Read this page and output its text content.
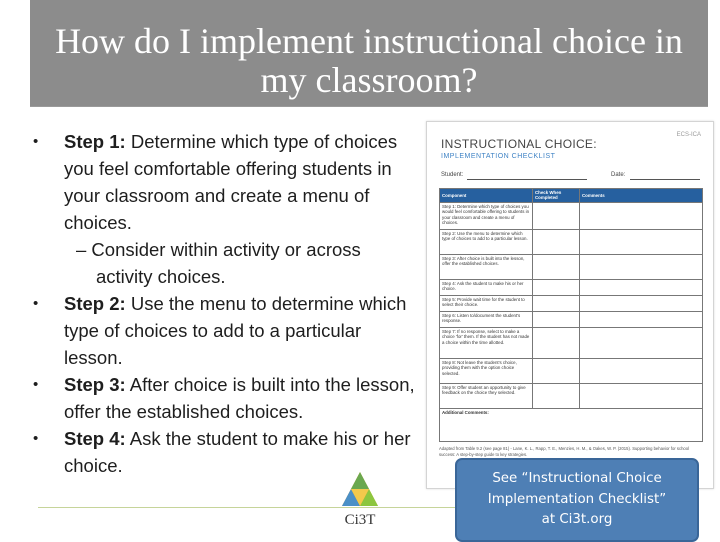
How do I implement instructional choice in my classroom?
• Step 1: Determine which type of choices you feel comfortable offering students in your classroom and create a menu of choices.
– Consider within activity or across activity choices.
• Step 2: Use the menu to determine which type of choices to add to a particular lesson.
• Step 3: After choice is built into the lesson, offer the established choices.
• Step 4: Ask the student to make his or her choice.
ECS-ICA
INSTRUCTIONAL CHOICE:
IMPLEMENTATION CHECKLIST
Student:	Date:
Component	Check When Completed	Comments
Step 1: Determine which type of choices you would feel comfortable offering to students in your classroom and create a menu of choices.		
Step 2: Use the menu to determine which type of choices to add to a particular lesson.		
Step 3: After choice is built into the lesson, offer the established choices.		
Step 4: Ask the student to make his or her choice.		
Step 5: Provide wait time for the student to select their choice.		
Step 6: Listen to/document the student's response.		
Step 7: If no response, select to make a choice 'for' them. If the student has not made a choice within the time allotted.		
Step 8: Not leave the student's choice, providing them with the option choice selected.		
Step 9: Offer student an opportunity to give feedback on the choice they selected.		
Additional Comments:		
Adapted from Table 9.2 (see page 81) - Lane, K. L., Rapp, T. E., Menzies, H. M., & Oakes, W. P. (2015). Supporting behavior for school success: A step-by-step guide to key strategies.
Ci3T
See “Instructional Choice
Implementation Checklist”
at Ci3t.org
